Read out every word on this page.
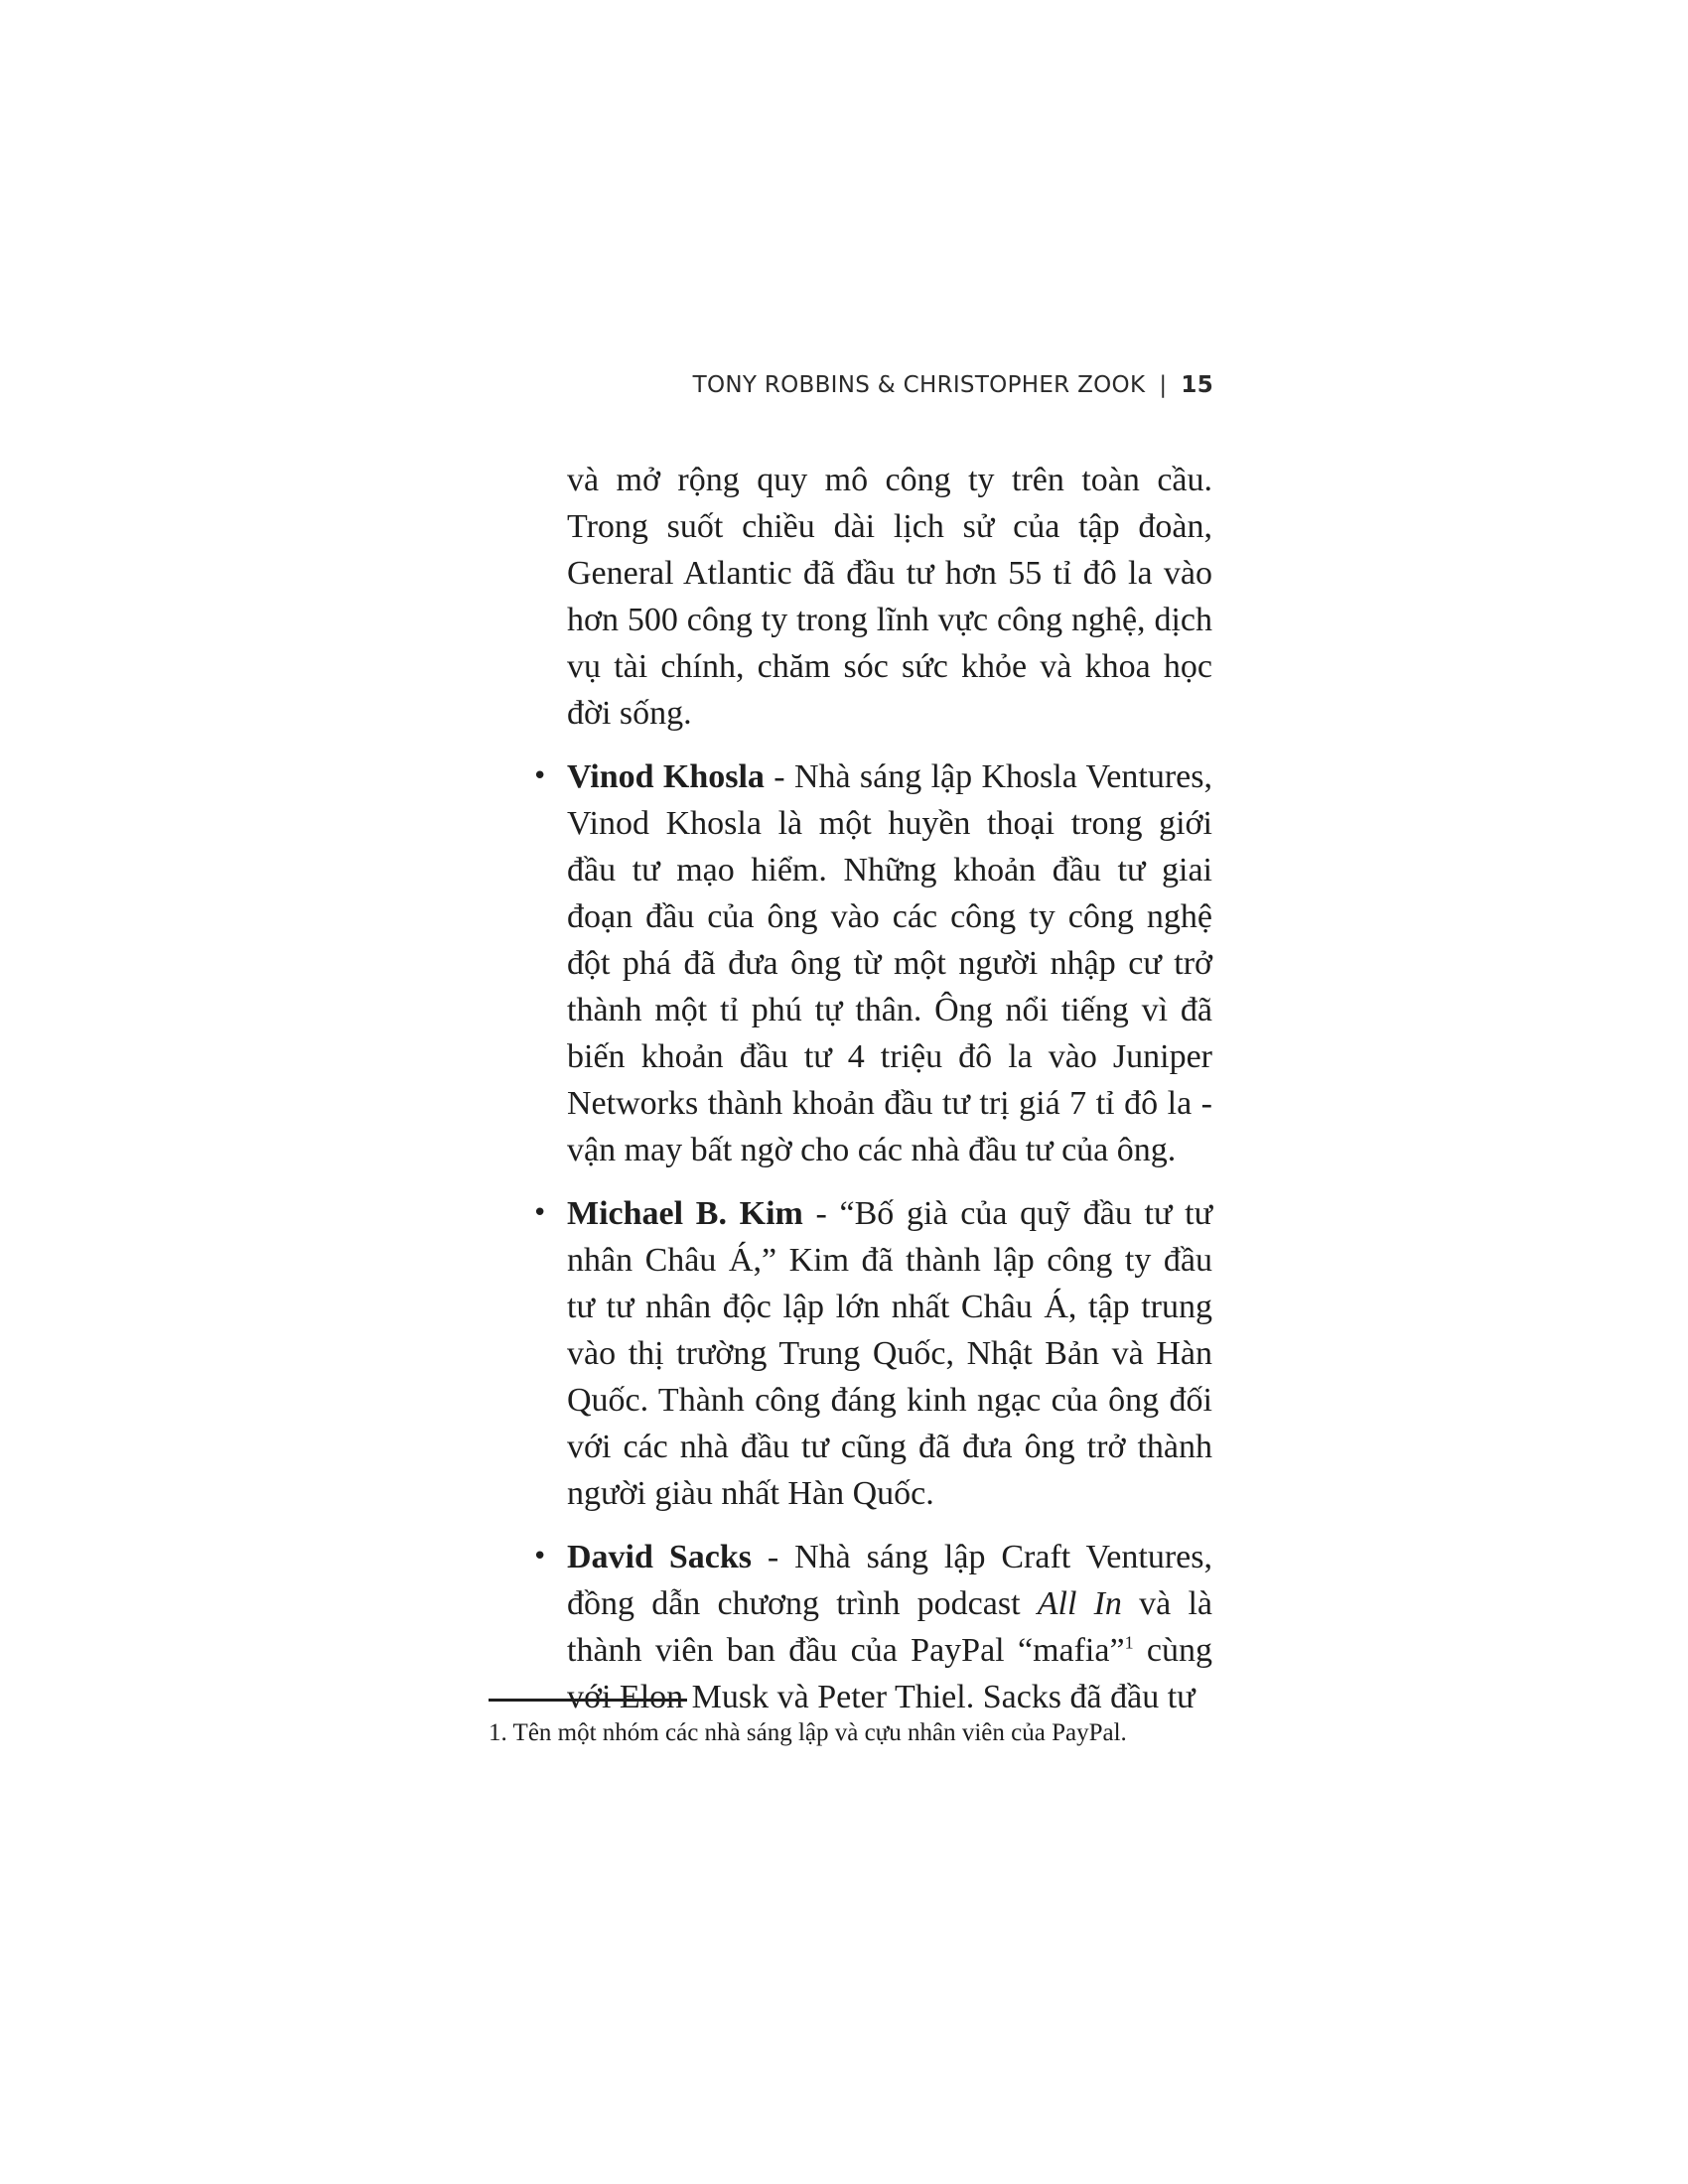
TONY ROBBINS & CHRISTOPHER ZOOK | 15

và mở rộng quy mô công ty trên toàn cầu. Trong suốt chiều dài lịch sử của tập đoàn, General Atlantic đã đầu tư hơn 55 tỉ đô la vào hơn 500 công ty trong lĩnh vực công nghệ, dịch vụ tài chính, chăm sóc sức khỏe và khoa học đời sống.

• Vinod Khosla - Nhà sáng lập Khosla Ventures, Vinod Khosla là một huyền thoại trong giới đầu tư mạo hiểm. Những khoản đầu tư giai đoạn đầu của ông vào các công ty công nghệ đột phá đã đưa ông từ một người nhập cư trở thành một tỉ phú tự thân. Ông nổi tiếng vì đã biến khoản đầu tư 4 triệu đô la vào Juniper Networks thành khoản đầu tư trị giá 7 tỉ đô la - vận may bất ngờ cho các nhà đầu tư của ông.
• Michael B. Kim - “Bố già của quỹ đầu tư tư nhân Châu Á,” Kim đã thành lập công ty đầu tư tư nhân độc lập lớn nhất Châu Á, tập trung vào thị trường Trung Quốc, Nhật Bản và Hàn Quốc. Thành công đáng kinh ngạc của ông đối với các nhà đầu tư cũng đã đưa ông trở thành người giàu nhất Hàn Quốc.
• David Sacks - Nhà sáng lập Craft Ventures, đồng dẫn chương trình podcast All In và là thành viên ban đầu của PayPal “mafia”$^1$ cùng với Elon Musk và Peter Thiel. Sacks đã đầu tư
1. Tên một nhóm các nhà sáng lập và cựu nhân viên của PayPal.
